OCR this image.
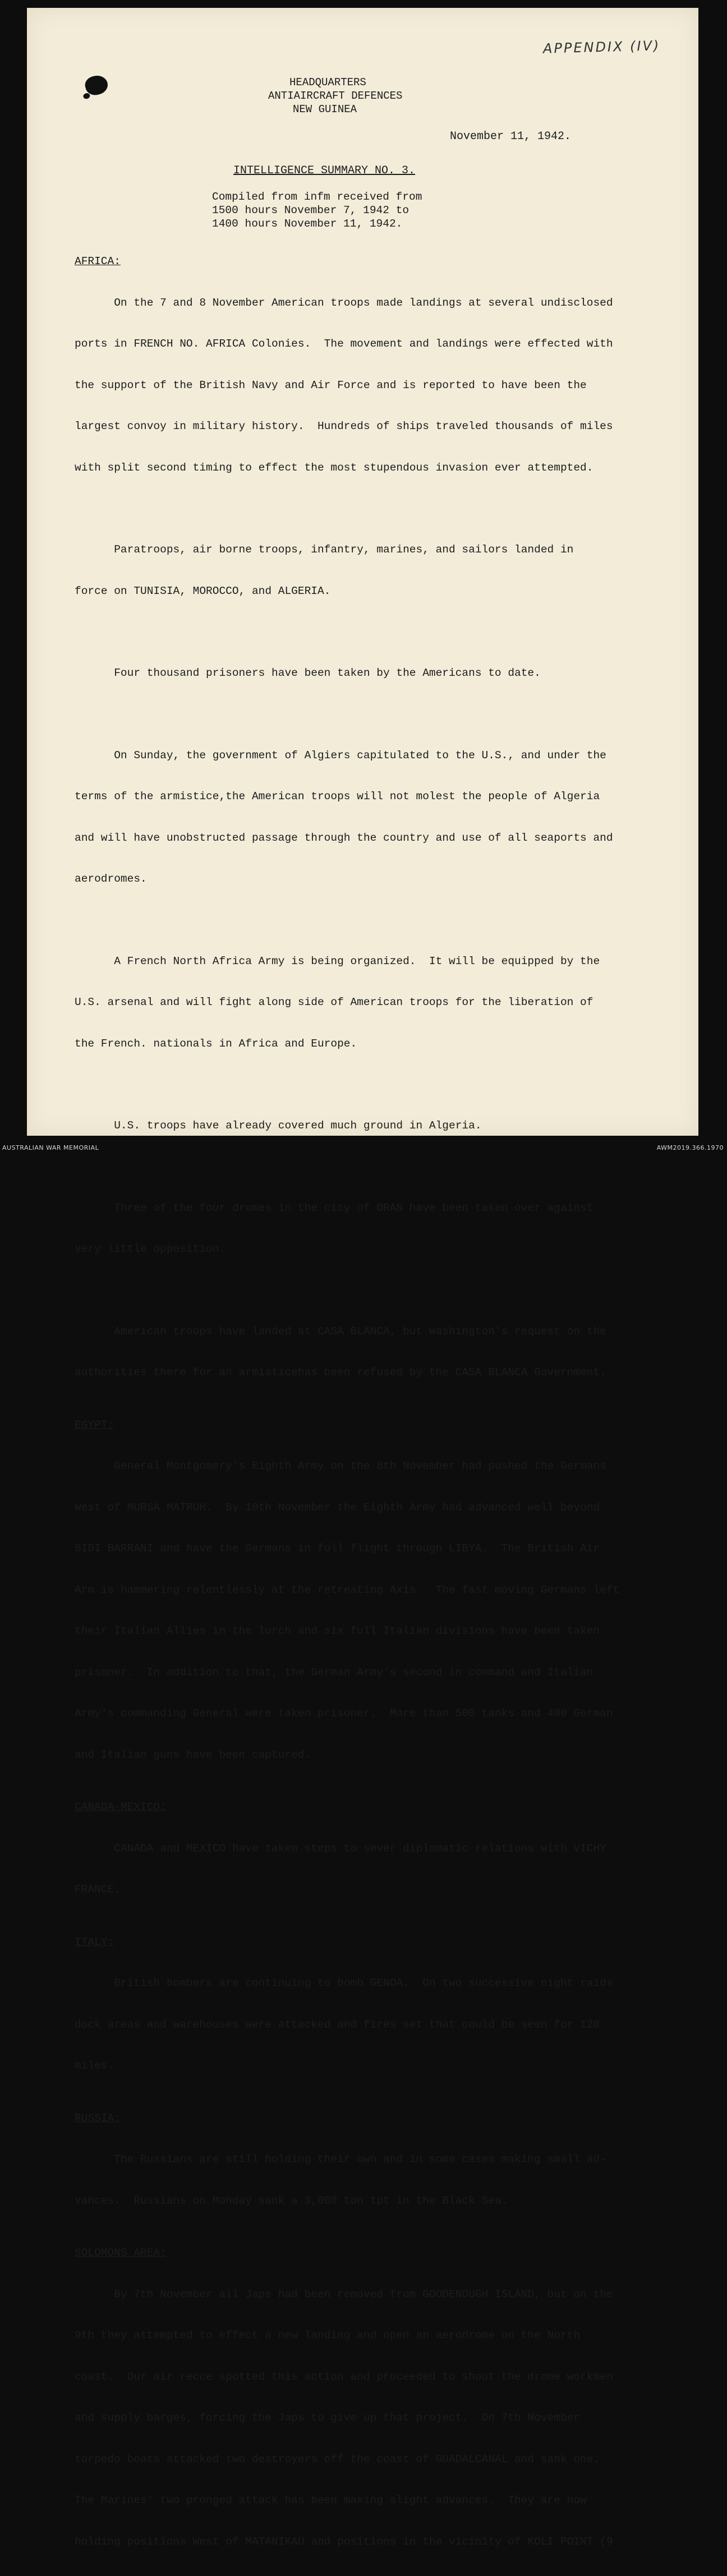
APPENDIX (IV)
HEADQUARTERS
ANTIAIRCRAFT DEFENCES
NEW GUINEA
November 11, 1942.
INTELLIGENCE SUMMARY NO. 3.
Compiled from infm received from
1500 hours November 7, 1942 to
1400 hours November 11, 1942.
AFRICA:

On the 7 and 8 November American troops made landings at several undisclosed

ports in FRENCH NO. AFRICA Colonies.  The movement and landings were effected with

the support of the British Navy and Air Force and is reported to have been the

largest convoy in military history.  Hundreds of ships traveled thousands of miles

with split second timing to effect the most stupendous invasion ever attempted.

Paratroops, air borne troops, infantry, marines, and sailors landed in

force on TUNISIA, MOROCCO, and ALGERIA.

Four thousand prisoners have been taken by the Americans to date.

On Sunday, the government of Algiers capitulated to the U.S., and under the

terms of the armistice,the American troops will not molest the people of Algeria

and will have unobstructed passage through the country and use of all seaports and

aerodromes.

A French North Africa Army is being organized.  It will be equipped by the

U.S. arsenal and will fight along side of American troops for the liberation of

the French. nationals in Africa and Europe.

U.S. troops have already covered much ground in Algeria.

Three of the four dromes in the city of ORAN have been taken over against

very little opposition.

American troops have landed at CASA BLANCA, but Washington's request on the

authorities there for an armisticehas been refused by the CASA BLANCA Government.

EGYPT:

General Montgomery's Eighth Army on the 8th November had pushed the Germans

West of MURSA MATRUH.  By 10th November the Eighth Army had advanced well beyond

SIDI BARRANI and have the Germans in full flight through LIBYA.  The British Air

Arm is hammering relentlessly at the retreating Axis.  The fast moving Germans left

their Italian Allies in the lurch and six full Italian divisions have been taken

prisoner.  In addition to that, the German Army's second in command and Italian

Army's commanding General were taken prisoner.  More than 500 tanks and 400 German

and Italian guns have been captured.

CANADA-MEXICO:

CANADA and MEXICO have taken steps to sever diplomatic relations with VICHY

FRANCE.

ITALY:

British bombers are continuing to bomb GENOA.  On two successive night raids

dock areas and warehouses were attacked and fires set that could be seen for 120

miles.

RUSSIA:

The Russians are still holding their own and in some cases making small ad-

vances.  Russians on Monday sank a 3,000 ton tpt in the Black Sea.

SOLOMONS AREA:

By 7th November all Japs had been removed from GOODENOUGH ISLAND, but on the

9th they attempted to effect a new landing and open an aerodrome on the North

coast.  Our air recce spotted this action and proceeded to shoot the drome workmen

and supply barges, forcing the Japs to give up that project.  On 7th November

torpedo boats attacked two destroyers off the coast of GUADALCANAL and sank one.

The Marines' two pronged attack has been making slight advances.  They are now

holding positions West of MATANIKAU and positions in the vicinity of KOLI POINT (9

AUSTRALIAN WAR MEMORIAL	AWM2019.366.1970
